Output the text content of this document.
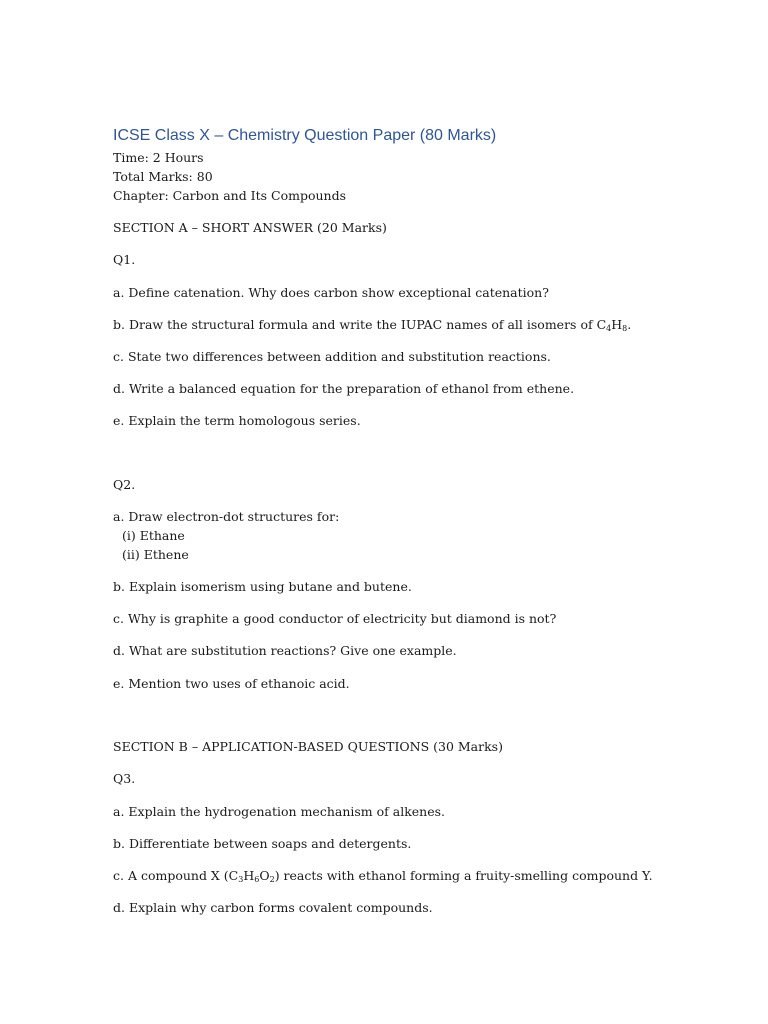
ICSE Class X – Chemistry Question Paper (80 Marks)
Time: 2 Hours
Total Marks: 80
Chapter: Carbon and Its Compounds
SECTION A – SHORT ANSWER (20 Marks)
Q1.
a. Define catenation. Why does carbon show exceptional catenation?
b. Draw the structural formula and write the IUPAC names of all isomers of $C_4H_8$.
c. State two differences between addition and substitution reactions.
d. Write a balanced equation for the preparation of ethanol from ethene.
e. Explain the term homologous series.
Q2.
a. Draw electron-dot structures for:
(i) Ethane
(ii) Ethene
b. Explain isomerism using butane and butene.
c. Why is graphite a good conductor of electricity but diamond is not?
d. What are substitution reactions? Give one example.
e. Mention two uses of ethanoic acid.
SECTION B – APPLICATION-BASED QUESTIONS (30 Marks)
Q3.
a. Explain the hydrogenation mechanism of alkenes.
b. Differentiate between soaps and detergents.
c. A compound X $(C_3H_6O_2)$ reacts with ethanol forming a fruity-smelling compound Y.
d. Explain why carbon forms covalent compounds.
